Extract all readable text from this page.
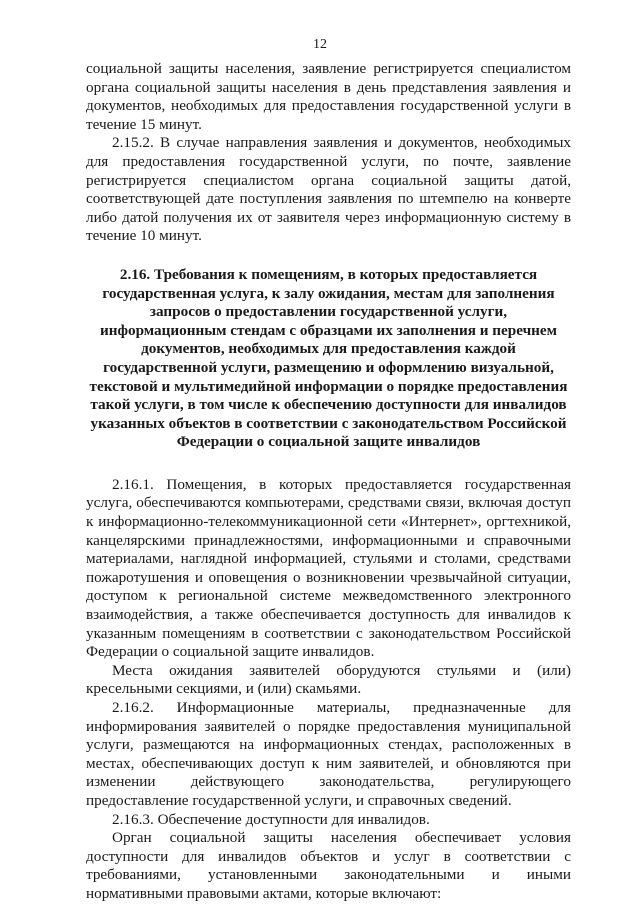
12

социальной защиты населения, заявление регистрируется специалистом органа социальной защиты населения в день представления заявления и документов, необходимых для предоставления государственной услуги в течение 15 минут.

2.15.2. В случае направления заявления и документов, необходимых для предоставления государственной услуги, по почте, заявление регистрируется специалистом органа социальной защиты датой, соответствующей дате поступления заявления по штемпелю на конверте либо датой получения их от заявителя через информационную систему в течение 10 минут.

2.16. Требования к помещениям, в которых предоставляется государственная услуга, к залу ожидания, местам для заполнения запросов о предоставлении государственной услуги, информационным стендам с образцами их заполнения и перечнем документов, необходимых для предоставления каждой государственной услуги, размещению и оформлению визуальной, текстовой и мультимедийной информации о порядке предоставления такой услуги, в том числе к обеспечению доступности для инвалидов указанных объектов в соответствии с законодательством Российской Федерации о социальной защите инвалидов

2.16.1. Помещения, в которых предоставляется государственная услуга, обеспечиваются компьютерами, средствами связи, включая доступ к информационно-телекоммуникационной сети «Интернет», оргтехникой, канцелярскими принадлежностями, информационными и справочными материалами, наглядной информацией, стульями и столами, средствами пожаротушения и оповещения о возникновении чрезвычайной ситуации, доступом к региональной системе межведомственного электронного взаимодействия, а также обеспечивается доступность для инвалидов к указанным помещениям в соответствии с законодательством Российской Федерации о социальной защите инвалидов.

Места ожидания заявителей оборудуются стульями и (или) кресельными секциями, и (или) скамьями.

2.16.2. Информационные материалы, предназначенные для информирования заявителей о порядке предоставления муниципальной услуги, размещаются на информационных стендах, расположенных в местах, обеспечивающих доступ к ним заявителей, и обновляются при изменении действующего законодательства, регулирующего предоставление государственной услуги, и справочных сведений.

2.16.3. Обеспечение доступности для инвалидов.

Орган социальной защиты населения обеспечивает условия доступности для инвалидов объектов и услуг в соответствии с требованиями, установленными законодательными и иными нормативными правовыми актами, которые включают:
